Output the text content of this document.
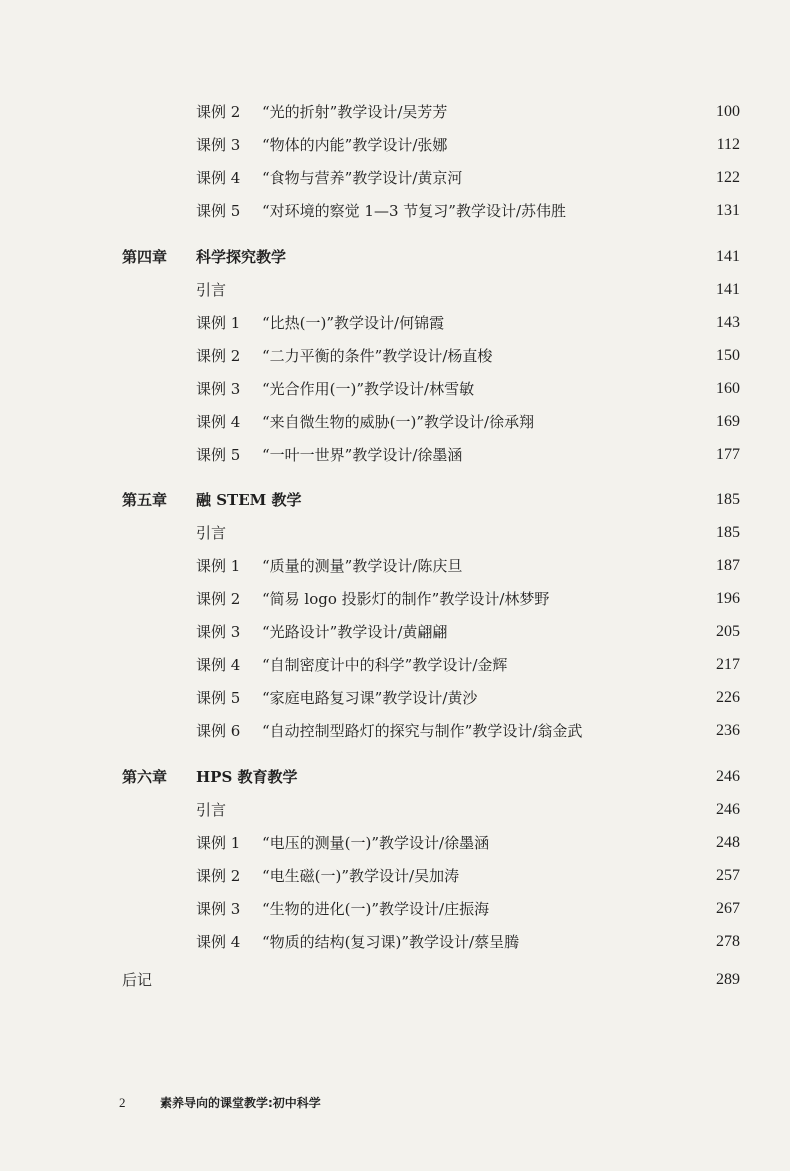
课例 2 “光的折射”教学设计/吴芳芳	100
课例 3 “物体的内能”教学设计/张娜	112
课例 4 “食物与营养”教学设计/黄京河	122
课例 5 “对环境的察觉 1—3 节复习”教学设计/苏伟胜	131
第四章 科学探究教学	141
引言	141
课例 1 “比热(一)”教学设计/何锦霞	143
课例 2 “二力平衡的条件”教学设计/杨直梭	150
课例 3 “光合作用(一)”教学设计/林雪敏	160
课例 4 “来自微生物的威胁(一)”教学设计/徐承翔	169
课例 5 “一叶一世界”教学设计/徐墨涵	177
第五章 融 STEM 教学	185
引言	185
课例 1 “质量的测量”教学设计/陈庆旦	187
课例 2 “简易 logo 投影灯的制作”教学设计/林梦野	196
课例 3 “光路设计”教学设计/黄翩翩	205
课例 4 “自制密度计中的科学”教学设计/金辉	217
课例 5 “家庭电路复习课”教学设计/黄沙	226
课例 6 “自动控制型路灯的探究与制作”教学设计/翁金武	236
第六章 HPS 教育教学	246
引言	246
课例 1 “电压的测量(一)”教学设计/徐墨涵	248
课例 2 “电生磁(一)”教学设计/吴加涛	257
课例 3 “生物的进化(一)”教学设计/庄振海	267
课例 4 “物质的结构(复习课)”教学设计/蔡呈腾	278
后记	289
2	素养导向的课堂教学:初中科学
